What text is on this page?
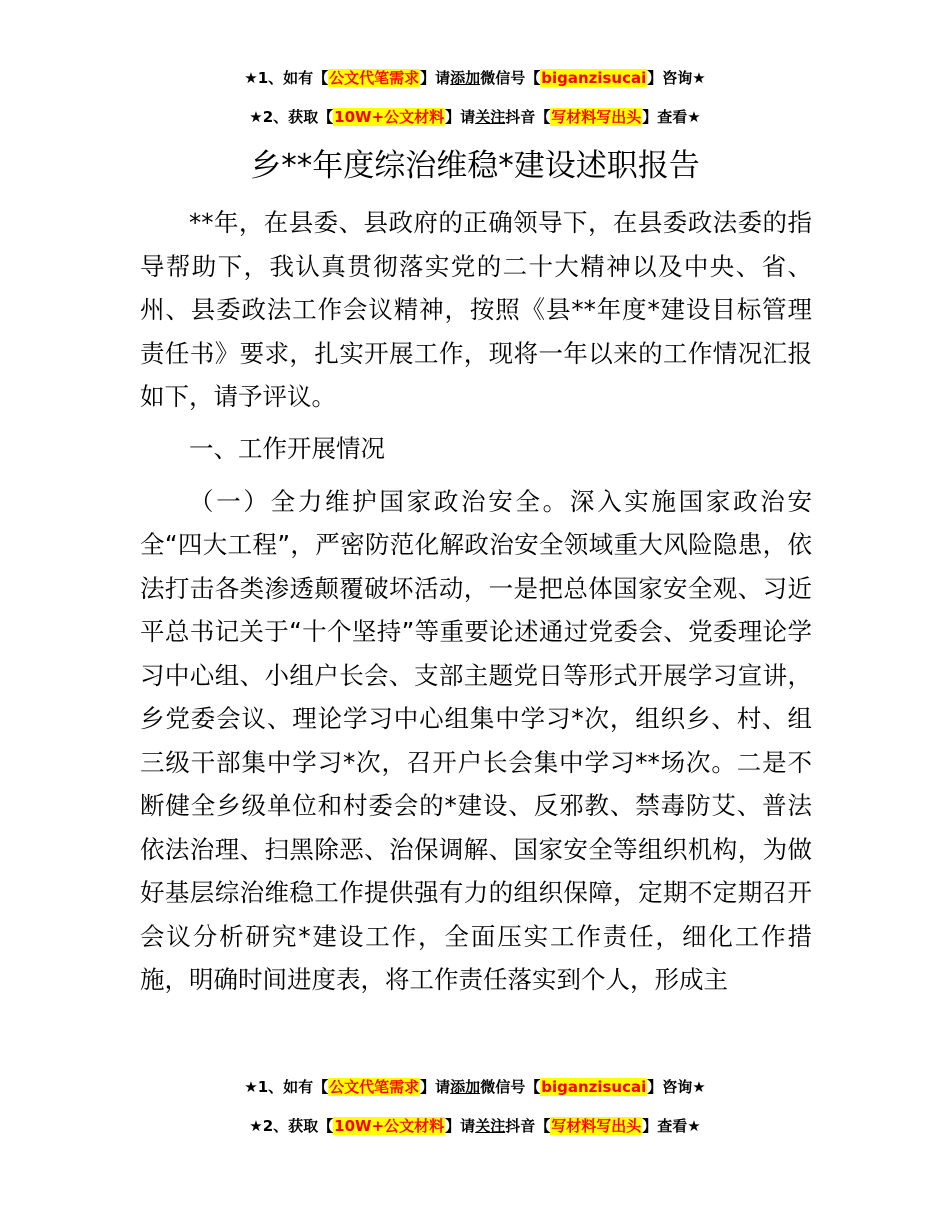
★1、如有【公文代笔需求】请添加微信号【biganzisucai】咨询★
★2、获取【10W+公文材料】请关注抖音【写材料写出头】查看★
乡**年度综治维稳*建设述职报告

**年，在县委、县政府的正确领导下，在县委政法委的指导帮助下，我认真贯彻落实党的二十大精神以及中央、省、州、县委政法工作会议精神，按照《县**年度*建设目标管理责任书》要求，扎实开展工作，现将一年以来的工作情况汇报如下，请予评议。

一、工作开展情况

（一）全力维护国家政治安全。深入实施国家政治安全“四大工程”，严密防范化解政治安全领域重大风险隐患，依法打击各类渗透颠覆破坏活动，一是把总体国家安全观、习近平总书记关于“十个坚持”等重要论述通过党委会、党委理论学习中心组、小组户长会、支部主题党日等形式开展学习宣讲，乡党委会议、理论学习中心组集中学习*次，组织乡、村、组三级干部集中学习*次，召开户长会集中学习**场次。二是不断健全乡级单位和村委会的*建设、反邪教、禁毒防艾、普法依法治理、扫黑除恶、治保调解、国家安全等组织机构，为做好基层综治维稳工作提供强有力的组织保障，定期不定期召开会议分析研究*建设工作，全面压实工作责任，细化工作措施，明确时间进度表，将工作责任落实到个人，形成主

★1、如有【公文代笔需求】请添加微信号【biganzisucai】咨询★
★2、获取【10W+公文材料】请关注抖音【写材料写出头】查看★
